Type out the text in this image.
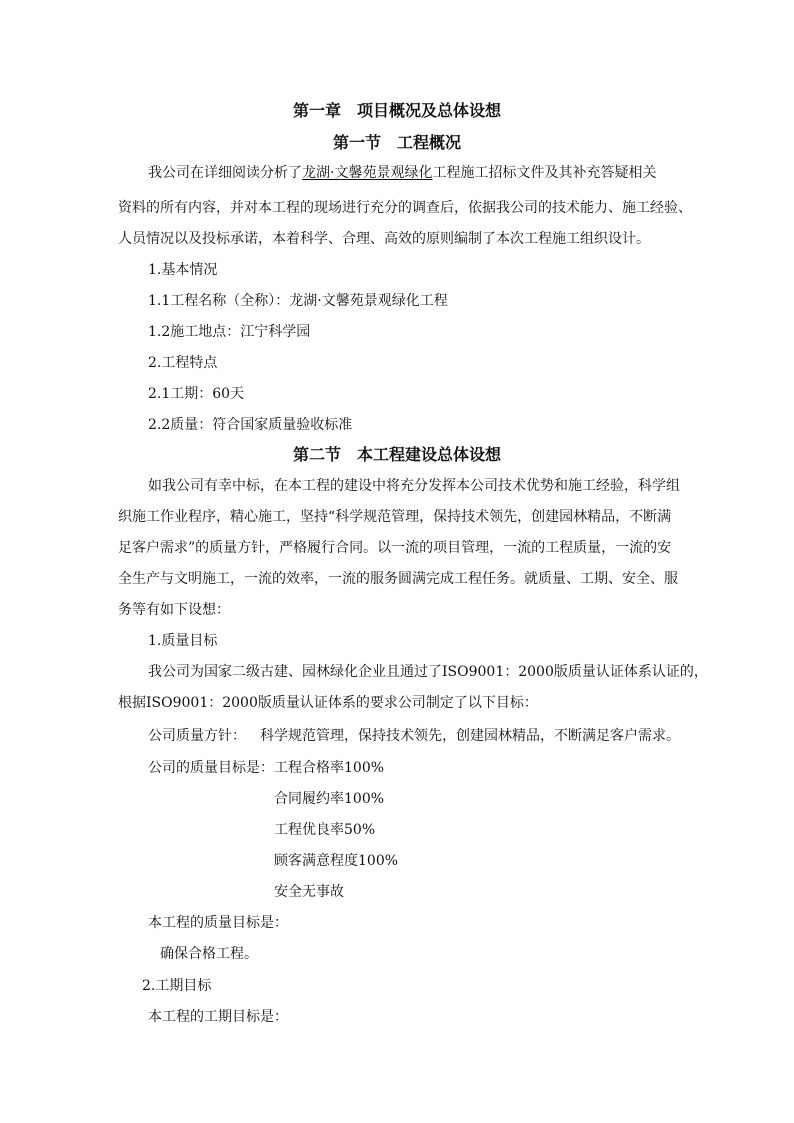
第一章　项目概况及总体设想
第一节　工程概况
我公司在详细阅读分析了龙湖·文馨苑景观绿化工程施工招标文件及其补充答疑相关
资料的所有内容，并对本工程的现场进行充分的调查后，依据我公司的技术能力、施工经验、
人员情况以及投标承诺，本着科学、合理、高效的原则编制了本次工程施工组织设计。
1.基本情况
1.1工程名称（全称）：龙湖·文馨苑景观绿化工程
1.2施工地点：江宁科学园
2.工程特点
2.1工期：60天
2.2质量：符合国家质量验收标准
第二节　本工程建设总体设想
如我公司有幸中标，在本工程的建设中将充分发挥本公司技术优势和施工经验，科学组
织施工作业程序，精心施工，坚持“科学规范管理，保持技术领先，创建园林精品，不断满
足客户需求”的质量方针，严格履行合同。以一流的项目管理，一流的工程质量，一流的安
全生产与文明施工，一流的效率，一流的服务圆满完成工程任务。就质量、工期、安全、服
务等有如下设想：
1.质量目标
我公司为国家二级古建、园林绿化企业且通过了ISO9001：2000版质量认证体系认证的，
根据ISO9001：2000版质量认证体系的要求公司制定了以下目标：
公司质量方针： 科学规范管理，保持技术领先，创建园林精品，不断满足客户需求。
公司的质量目标是： 工程合格率100%
合同履约率100%
工程优良率50%
顾客满意程度100%
安全无事故
本工程的质量目标是：
确保合格工程。
2.工期目标
本工程的工期目标是：
